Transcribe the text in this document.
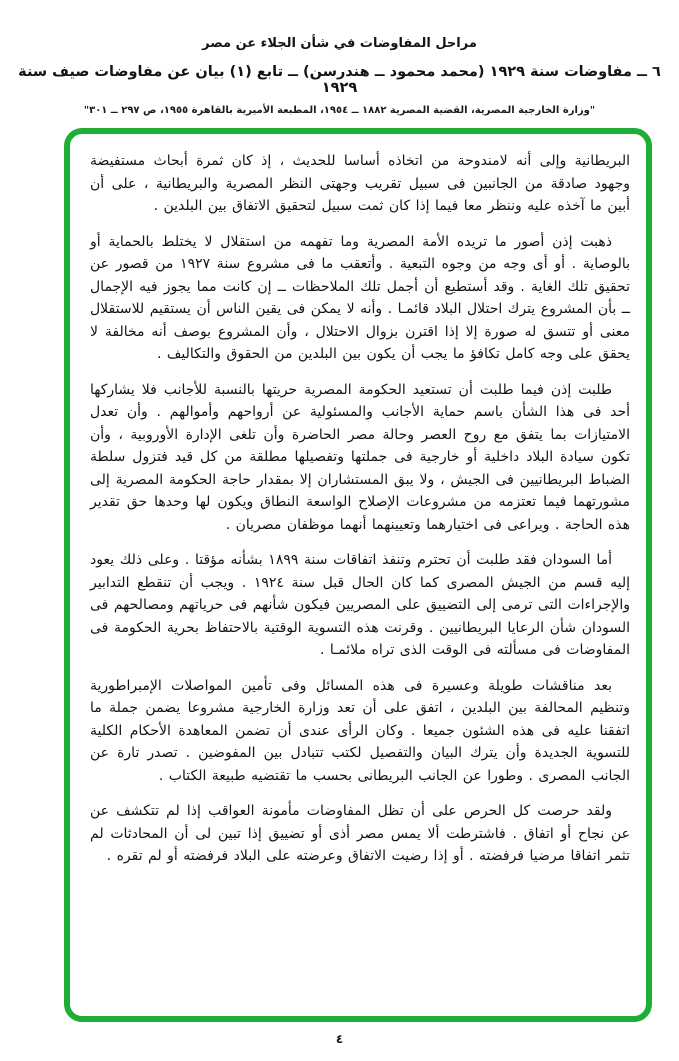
مراحل المفاوضات في شأن الجلاء عن مصر
٦ ــ مفاوضات سنة ١٩٢٩ (محمد محمود ــ هندرسن) ــ تابع (١) بيان عن مفاوضات صيف سنة ١٩٢٩
"وزارة الخارجية المصرية، القضية المصرية ١٨٨٢ ــ ١٩٥٤، المطبعة الأميرية بالقاهرة ١٩٥٥، ص ٢٩٧ ــ ٣٠١"

البريطانية وإلى أنه لامندوحة من اتخاذه أساسا للحديث ، إذ كان ثمرة أبحاث مستفيضة وجهود صادقة من الجانبين فى سبيل تقريب وجهتى النظر المصرية والبريطانية ، على أن أبين ما آخذه عليه وننظر معا فيما إذا كان ثمت سبيل لتحقيق الاتفاق بين البلدين .

ذهبت إذن أصور ما تريده الأمة المصرية وما تفهمه من استقلال لا يختلط بالحماية أو بالوصاية . أو أى وجه من وجوه التبعية . وأتعقب ما فى مشروع سنة ١٩٢٧ من قصور عن تحقيق تلك الغاية . وقد أستطيع أن أجمل تلك الملاحظات ــ إن كانت مما يجوز فيه الإجمال ــ بأن المشروع يترك احتلال البلاد قائمـا . وأنه لا يمكن فى يقين الناس أن يستقيم للاستقلال معنى أو تتسق له صورة إلا إذا اقترن بزوال الاحتلال ، وأن المشروع بوصف أنه مخالفة لا يحقق على وجه كامل تكافؤ ما يجب أن يكون بين البلدين من الحقوق والتكاليف .

طلبت إذن فيما طلبت أن تستعيد الحكومة المصرية حريتها بالنسبة للأجانب فلا يشاركها أحد فى هذا الشأن باسم حماية الأجانب والمسئولية عن أرواحهم وأموالهم . وأن تعدل الامتيازات بما يتفق مع روح العصر وحالة مصر الحاضرة وأن تلغى الإدارة الأوروبية ، وأن تكون سيادة البلاد داخلية أو خارجية فى جملتها وتفصيلها مطلقة من كل قيد فتزول سلطة الضباط البريطانيين فى الجيش ، ولا يبق المستشاران إلا بمقدار حاجة الحكومة المصرية إلى مشورتهما فيما تعتزمه من مشروعات الإصلاح الواسعة النطاق ويكون لها وحدها حق تقدير هذه الحاجة . ويراعى فى اختيارهما وتعيينهما أنهما موظفان مصريان .

أما السودان فقد طلبت أن تحترم وتنفذ اتفاقات سنة ١٨٩٩ بشأنه مؤقتا . وعلى ذلك يعود إليه قسم من الجيش المصرى كما كان الحال قبل سنة ١٩٢٤ . ويجب أن تنقطع التدابير والإجراءات التى ترمى إلى التضييق على المصريين فيكون شأنهم فى حرياتهم ومصالحهم فى السودان شأن الرعايا البريطانيين . وقرنت هذه التسوية الوقتية بالاحتفاظ بحرية الحكومة فى المفاوضات فى مسألته فى الوقت الذى تراه ملائمـا .

بعد مناقشات طويلة وعسيرة فى هذه المسائل وفى تأمين المواصلات الإمبراطورية وتنظيم المحالفة بين البلدين ، اتفق على أن تعد وزارة الخارجية مشروعا يضمن جملة ما اتفقنا عليه فى هذه الشئون جميعا . وكان الرأى عندى أن تضمن المعاهدة الأحكام الكلية للتسوية الجديدة وأن يترك البيان والتفصيل لكتب تتبادل بين المفوضين . تصدر تارة عن الجانب المصرى . وطورا عن الجانب البريطانى بحسب ما تقتضيه طبيعة الكتاب .

ولقد حرصت كل الحرص على أن تظل المفاوضات مأمونة العواقب إذا لم تتكشف عن عن نجاح أو اتفاق . فاشترطت ألا يمس مصر أذى أو تضييق إذا تبين لى أن المحادثات لم تثمر اتفاقا مرضيا فرفضته . أو إذا رضيت الاتفاق وعرضته على البلاد فرفضته أو لم تقره .

٤
